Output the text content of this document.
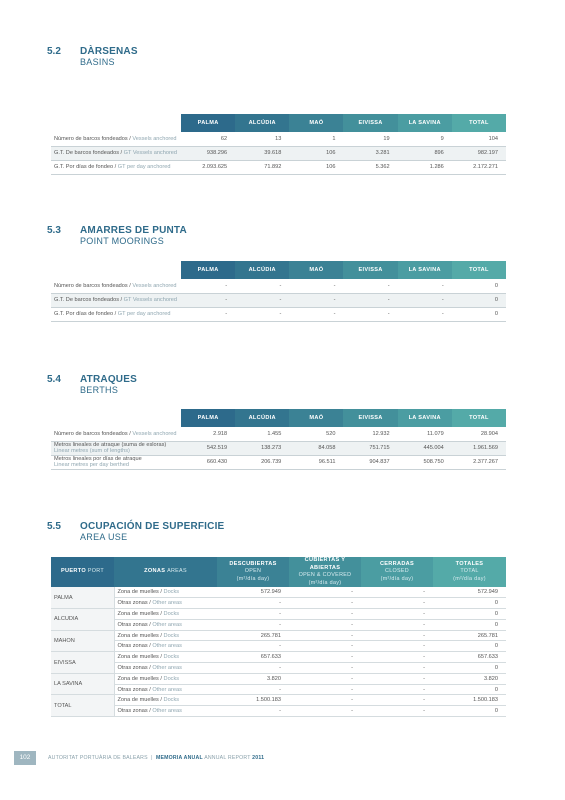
5.2 DÀRSENAS
BASINS
	PALMA	ALCÚDIA	MAÓ	EIVISSA	LA SAVINA	TOTAL
Número de barcos fondeados / Vessels anchored	62	13	1	19	9	104
G.T. De barcos fondeados / GT Vessels anchored	938.296	39.618	106	3.281	896	982.197
G.T. Por días de fondeo / GT per day anchored	2.093.625	71.892	106	5.362	1.286	2.172.271
5.3 AMARRES DE PUNTA
POINT MOORINGS
	PALMA	ALCÚDIA	MAÓ	EIVISSA	LA SAVINA	TOTAL
Número de barcos fondeados / Vessels anchored	-	-	-	-	-	0
G.T. De barcos fondeados / GT Vessels anchored	-	-	-	-	-	0
G.T. Por días de fondeo / GT per day anchored	-	-	-	-	-	0
5.4 ATRAQUES
BERTHS
	PALMA	ALCÚDIA	MAÓ	EIVISSA	LA SAVINA	TOTAL
Número de barcos fondeados / Vessels anchored	2.918	1.455	520	12.932	11.079	28.904
Metros lineales de atraque (suma de esloras)
Linear metres (sum of lengths)	542.519	138.273	84.058	751.715	445.004	1.961.569
Metros lineales por días de atraque
Linear metres per day berthed	660.430	206.739	96.511	904.837	508.750	2.377.267
5.5 OCUPACIÓN DE SUPERFICIE
AREA USE
PUERTO PORT	ZONAS AREAS	DESCUBIERTAS
OPEN
(m²/día day)	CUBIERTAS Y ABIERTAS
OPEN & COVERED
(m²/día day)	CERRADAS
CLOSED
(m²/día day)	TOTALES
TOTAL
(m²/día day)
PALMA	Zona de muelles / Docks	572.949	-	-	572.949
	Otras zonas / Other areas	-	-	-	0
ALCUDIA	Zona de muelles / Docks	-	-	-	0
	Otras zonas / Other areas	-	-	-	0
MAHON	Zona de muelles / Docks	265.781	-	-	265.781
	Otras zonas / Other areas	-	-	-	0
EIVISSA	Zona de muelles / Docks	657.633	-	-	657.633
	Otras zonas / Other areas	-	-	-	0
LA SAVINA	Zona de muelles / Docks	3.820	-	-	3.820
	Otras zonas / Other areas	-	-	-	0
TOTAL	Zona de muelles / Docks	1.500.183	-	-	1.500.183
	Otras zonas / Other areas	-	-	-	0
102	AUTORITAT PORTUÀRIA DE BALEARS | MEMORIA ANUAL ANNUAL REPORT 2011
